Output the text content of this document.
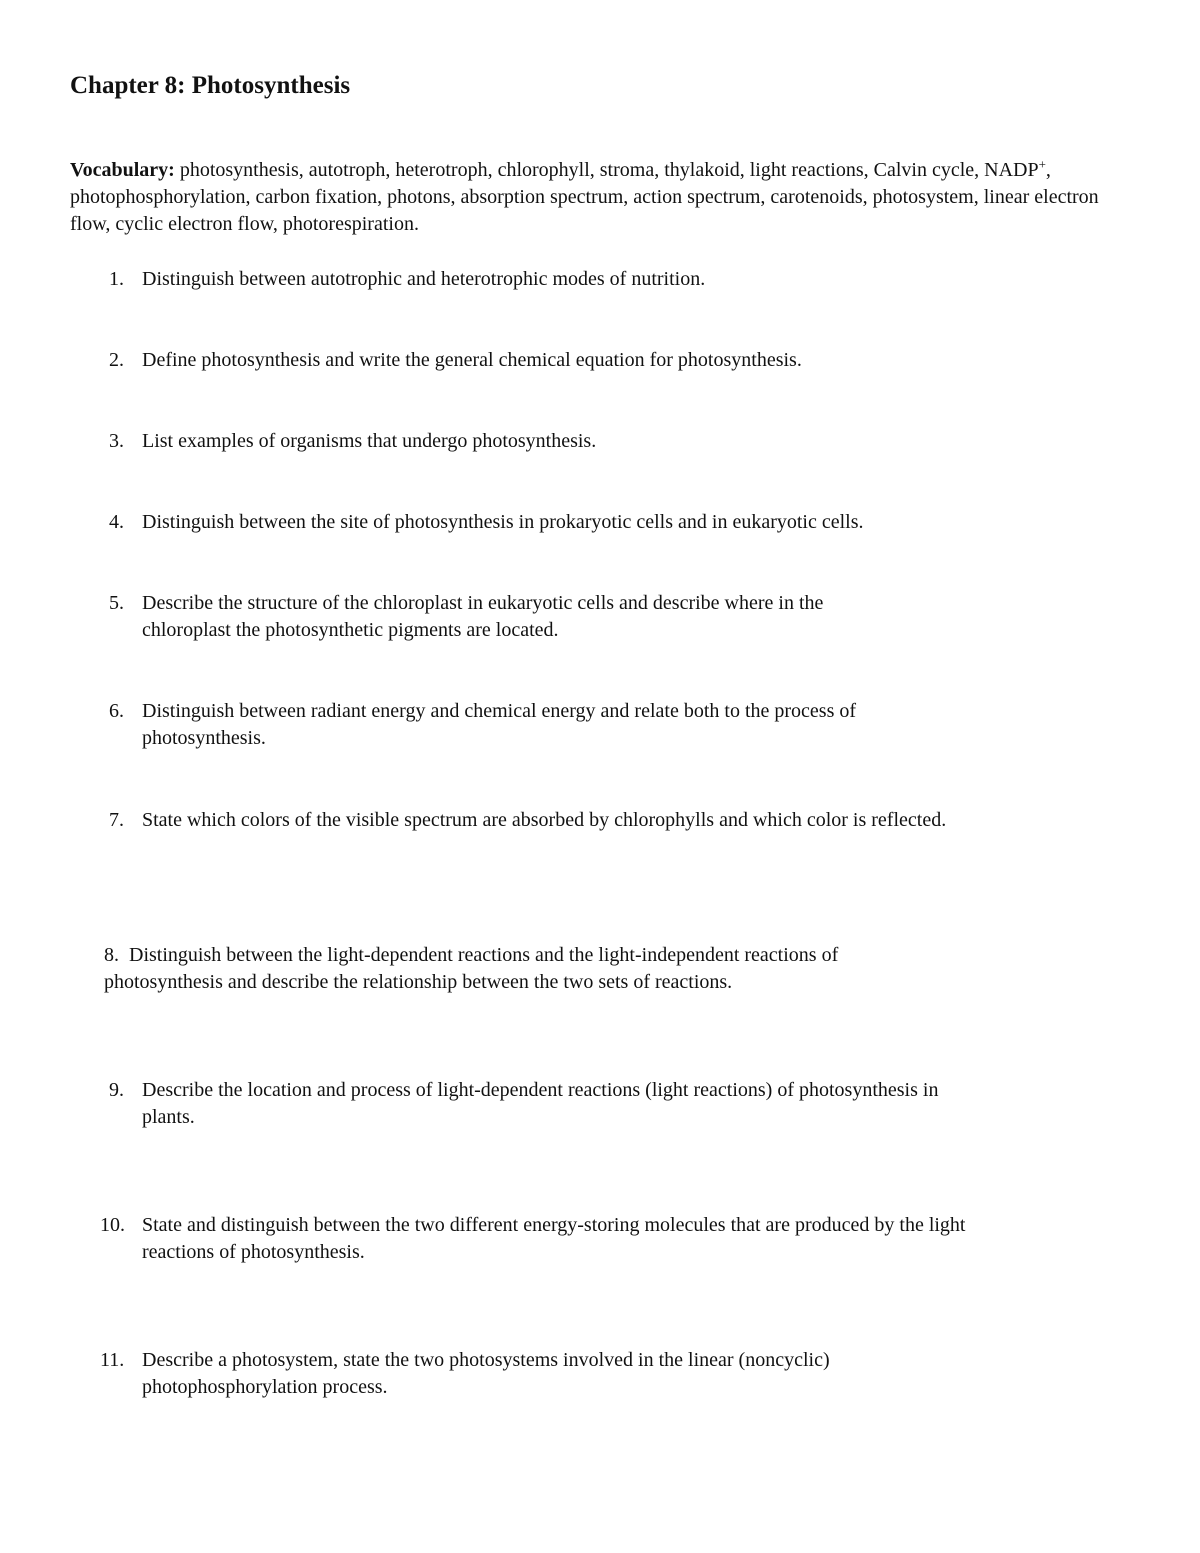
Chapter 8: Photosynthesis

Vocabulary: photosynthesis, autotroph, heterotroph, chlorophyll, stroma, thylakoid, light reactions, Calvin cycle, NADP+, photophosphorylation, carbon fixation, photons, absorption spectrum, action spectrum, carotenoids, photosystem, linear electron flow, cyclic electron flow, photorespiration.

1. Distinguish between autotrophic and heterotrophic modes of nutrition.
2. Define photosynthesis and write the general chemical equation for photosynthesis.
3. List examples of organisms that undergo photosynthesis.
4. Distinguish between the site of photosynthesis in prokaryotic cells and in eukaryotic cells.
5. Describe the structure of the chloroplast in eukaryotic cells and describe where in the
chloroplast the photosynthetic pigments are located.
6. Distinguish between radiant energy and chemical energy and relate both to the process of
photosynthesis.
7. State which colors of the visible spectrum are absorbed by chlorophylls and which color is reflected.
8. Distinguish between the light-dependent reactions and the light-independent reactions of
photosynthesis and describe the relationship between the two sets of reactions.
9. Describe the location and process of light-dependent reactions (light reactions) of photosynthesis in
plants.
10. State and distinguish between the two different energy-storing molecules that are produced by the light
reactions of photosynthesis.
11. Describe a photosystem, state the two photosystems involved in the linear (noncyclic)
photophosphorylation process.
